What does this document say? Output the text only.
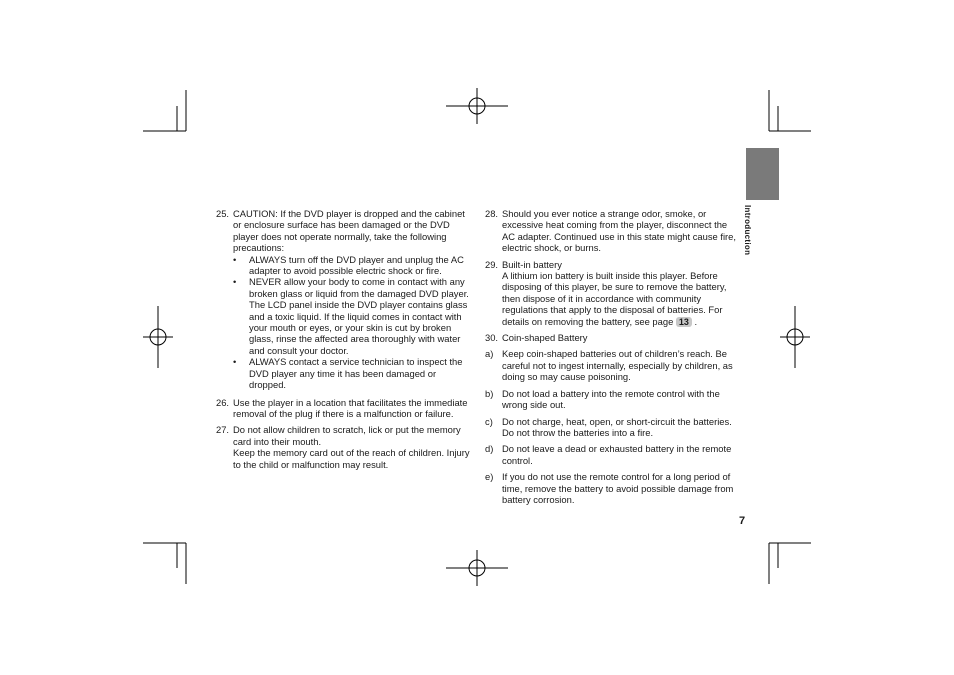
Introduction
25. CAUTION: If the DVD player is dropped and the cabinet or enclosure surface has been damaged or the DVD player does not operate normally, take the following precautions:
• ALWAYS turn off the DVD player and unplug the AC adapter to avoid possible electric shock or fire.
• NEVER allow your body to come in contact with any broken glass or liquid from the damaged DVD player. The LCD panel inside the DVD player contains glass and a toxic liquid. If the liquid comes in contact with your mouth or eyes, or your skin is cut by broken glass, rinse the affected area thoroughly with water and consult your doctor.
• ALWAYS contact a service technician to inspect the DVD player any time it has been damaged or dropped.
26. Use the player in a location that facilitates the immediate removal of the plug if there is a malfunction or failure.
27. Do not allow children to scratch, lick or put the memory card into their mouth.
Keep the memory card out of the reach of children. Injury to the child or malfunction may result.
28. Should you ever notice a strange odor, smoke, or excessive heat coming from the player, disconnect the AC adapter. Continued use in this state might cause fire, electric shock, or burns.
29. Built-in battery
A lithium ion battery is built inside this player. Before disposing of this player, be sure to remove the battery, then dispose of it in accordance with community regulations that apply to the disposal of batteries. For details on removing the battery, see page 13 .
30. Coin-shaped Battery
a) Keep coin-shaped batteries out of children’s reach. Be careful not to ingest internally, especially by children, as doing so may cause poisoning.
b) Do not load a battery into the remote control with the wrong side out.
c) Do not charge, heat, open, or short-circuit the batteries. Do not throw the batteries into a fire.
d) Do not leave a dead or exhausted battery in the remote control.
e) If you do not use the remote control for a long period of time, remove the battery to avoid possible damage from battery corrosion.
7
